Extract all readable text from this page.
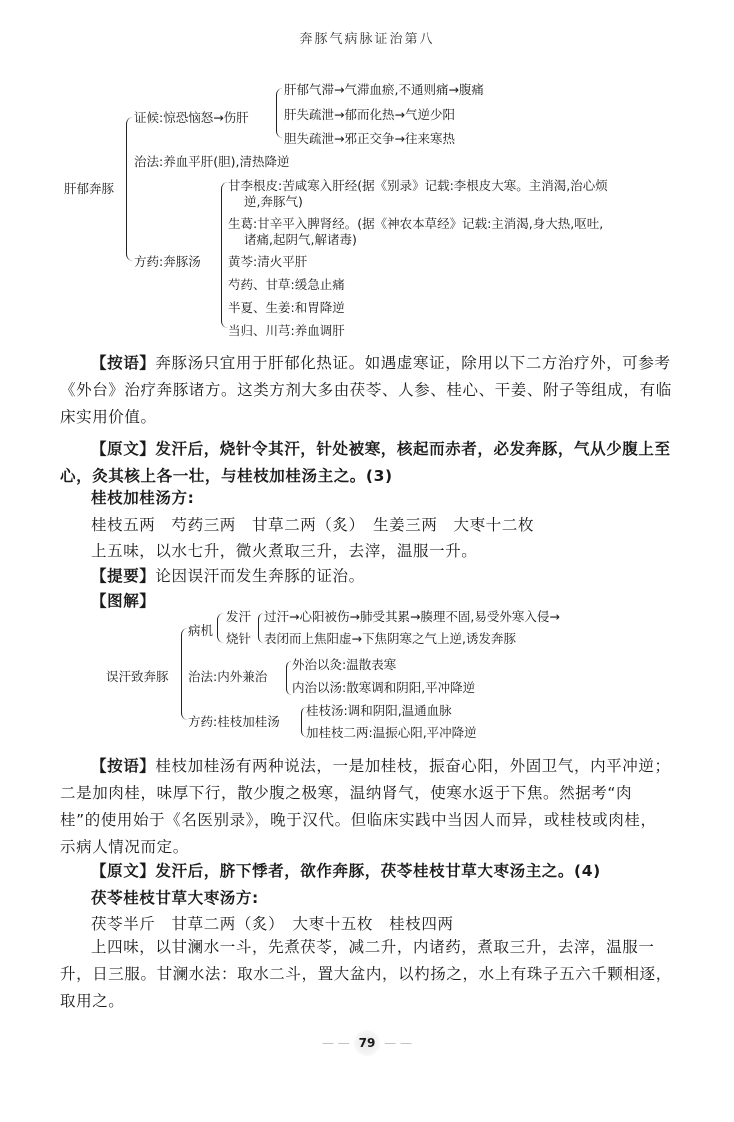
奔豚气病脉证治第八
肝郁奔豚
证候:惊恐恼怒→伤肝
肝郁气滞→气滞血瘀,不通则痛→腹痛
肝失疏泄→郁而化热→气逆少阳
胆失疏泄→邪正交争→往来寒热
治法:养血平肝(胆),清热降逆
方药:奔豚汤
甘李根皮:苦咸寒入肝经(据《别录》记载:李根皮大寒。主消渴,治心烦
逆,奔豚气)
生葛:甘辛平入脾肾经。(据《神农本草经》记载:主消渴,身大热,呕吐,
诸痛,起阴气,解诸毒)
黄芩:清火平肝
芍药、甘草:缓急止痛
半夏、生姜:和胃降逆
当归、川芎:养血调肝
【按语】奔豚汤只宜用于肝郁化热证。如遇虚寒证，除用以下二方治疗外，可参考《外台》治疗奔豚诸方。这类方剂大多由茯苓、人参、桂心、干姜、附子等组成，有临床实用价值。
【原文】发汗后，烧针令其汗，针处被寒，核起而赤者，必发奔豚，气从少腹上至心，灸其核上各一壮，与桂枝加桂汤主之。(3)
桂枝加桂汤方:
桂枝五两　芍药三两　甘草二两（炙）　生姜三两　大枣十二枚
上五味，以水七升，微火煮取三升，去滓，温服一升。
【提要】论因误汗而发生奔豚的证治。
【图解】
误汗致奔豚
病机
发汗
烧针
过汗→心阳被伤→肺受其累→腠理不固,易受外寒入侵→
表闭而上焦阳虚→下焦阴寒之气上逆,诱发奔豚
治法:内外兼治
外治以灸:温散表寒
内治以汤:散寒调和阴阳,平冲降逆
方药:桂枝加桂汤
桂枝汤:调和阴阳,温通血脉
加桂枝二两:温振心阳,平冲降逆
【按语】桂枝加桂汤有两种说法，一是加桂枝，振奋心阳，外固卫气，内平冲逆；二是加肉桂，味厚下行，散少腹之极寒，温纳肾气，使寒水返于下焦。然据考“肉桂”的使用始于《名医别录》，晚于汉代。但临床实践中当因人而异，或桂枝或肉桂，示病人情况而定。
【原文】发汗后，脐下悸者，欲作奔豚，茯苓桂枝甘草大枣汤主之。(4)
茯苓桂枝甘草大枣汤方:
茯苓半斤　甘草二两（炙）　大枣十五枚　桂枝四两
上四味，以甘澜水一斗，先煮茯苓，减二升，内诸药，煮取三升，去滓，温服一升，日三服。甘澜水法：取水二斗，置大盆内，以杓扬之，水上有珠子五六千颗相逐，取用之。
— — 79 — —
